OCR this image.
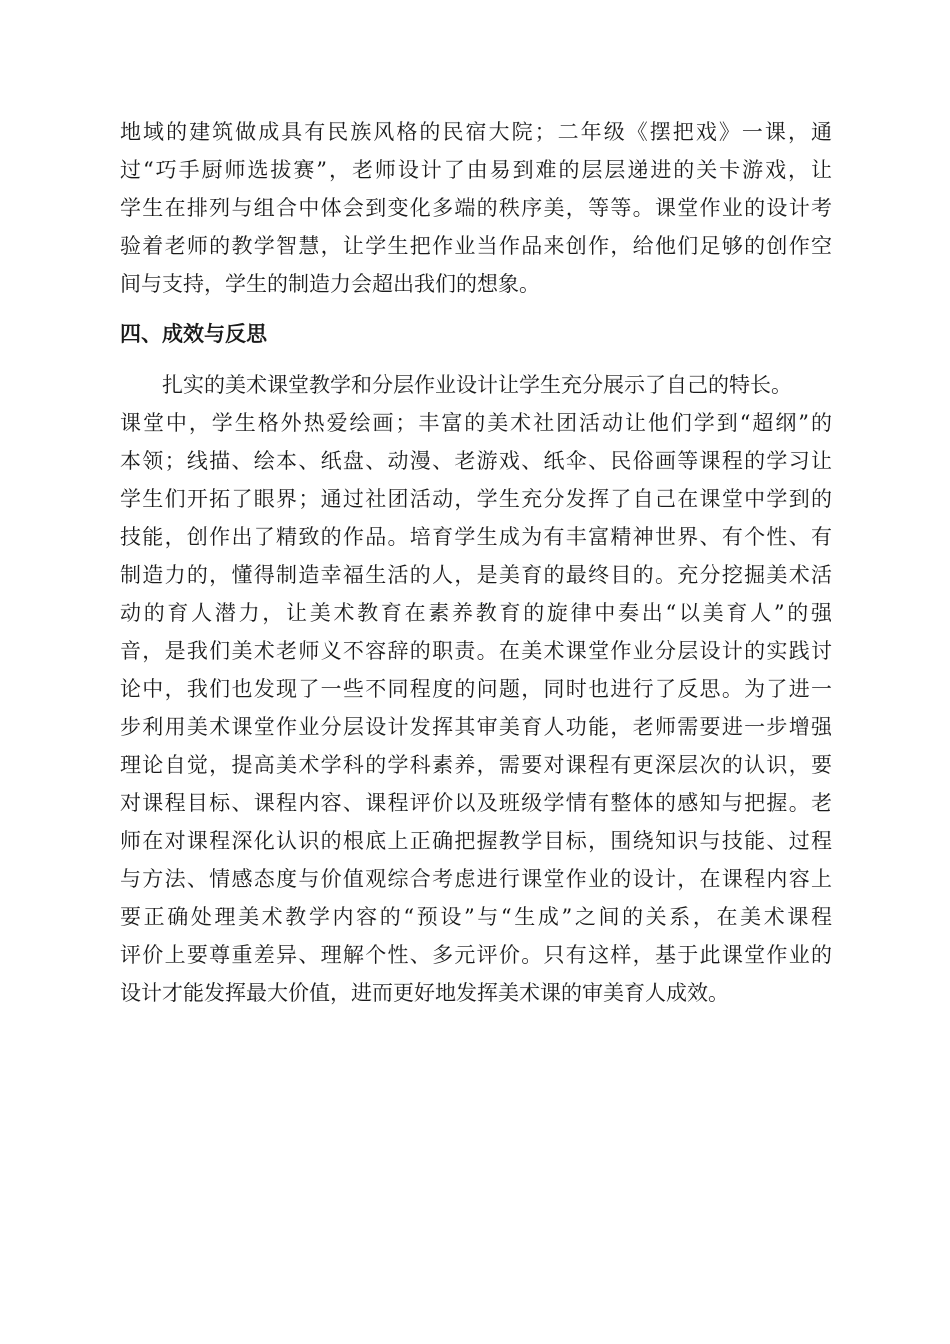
地域的建筑做成具有民族风格的民宿大院；二年级《摆把戏》一课，通
过“巧手厨师选拔赛”，老师设计了由易到难的层层递进的关卡游戏，让
学生在排列与组合中体会到变化多端的秩序美，等等。课堂作业的设计考
验着老师的教学智慧，让学生把作业当作品来创作，给他们足够的创作空
间与支持，学生的制造力会超出我们的想象。
四、成效与反思
扎实的美术课堂教学和分层作业设计让学生充分展示了自己的特长。
课堂中，学生格外热爱绘画；丰富的美术社团活动让他们学到“超纲”的
本领；线描、绘本、纸盘、动漫、老游戏、纸伞、民俗画等课程的学习让
学生们开拓了眼界；通过社团活动，学生充分发挥了自己在课堂中学到的
技能，创作出了精致的作品。培育学生成为有丰富精神世界、有个性、有
制造力的，懂得制造幸福生活的人，是美育的最终目的。充分挖掘美术活
动的育人潜力，让美术教育在素养教育的旋律中奏出“以美育人”的强
音，是我们美术老师义不容辞的职责。在美术课堂作业分层设计的实践讨
论中，我们也发现了一些不同程度的问题，同时也进行了反思。为了进一
步利用美术课堂作业分层设计发挥其审美育人功能，老师需要进一步增强
理论自觉，提高美术学科的学科素养，需要对课程有更深层次的认识，要
对课程目标、课程内容、课程评价以及班级学情有整体的感知与把握。老
师在对课程深化认识的根底上正确把握教学目标，围绕知识与技能、过程
与方法、情感态度与价值观综合考虑进行课堂作业的设计，在课程内容上
要正确处理美术教学内容的“预设”与“生成”之间的关系，在美术课程
评价上要尊重差异、理解个性、多元评价。只有这样，基于此课堂作业的
设计才能发挥最大价值，进而更好地发挥美术课的审美育人成效。
